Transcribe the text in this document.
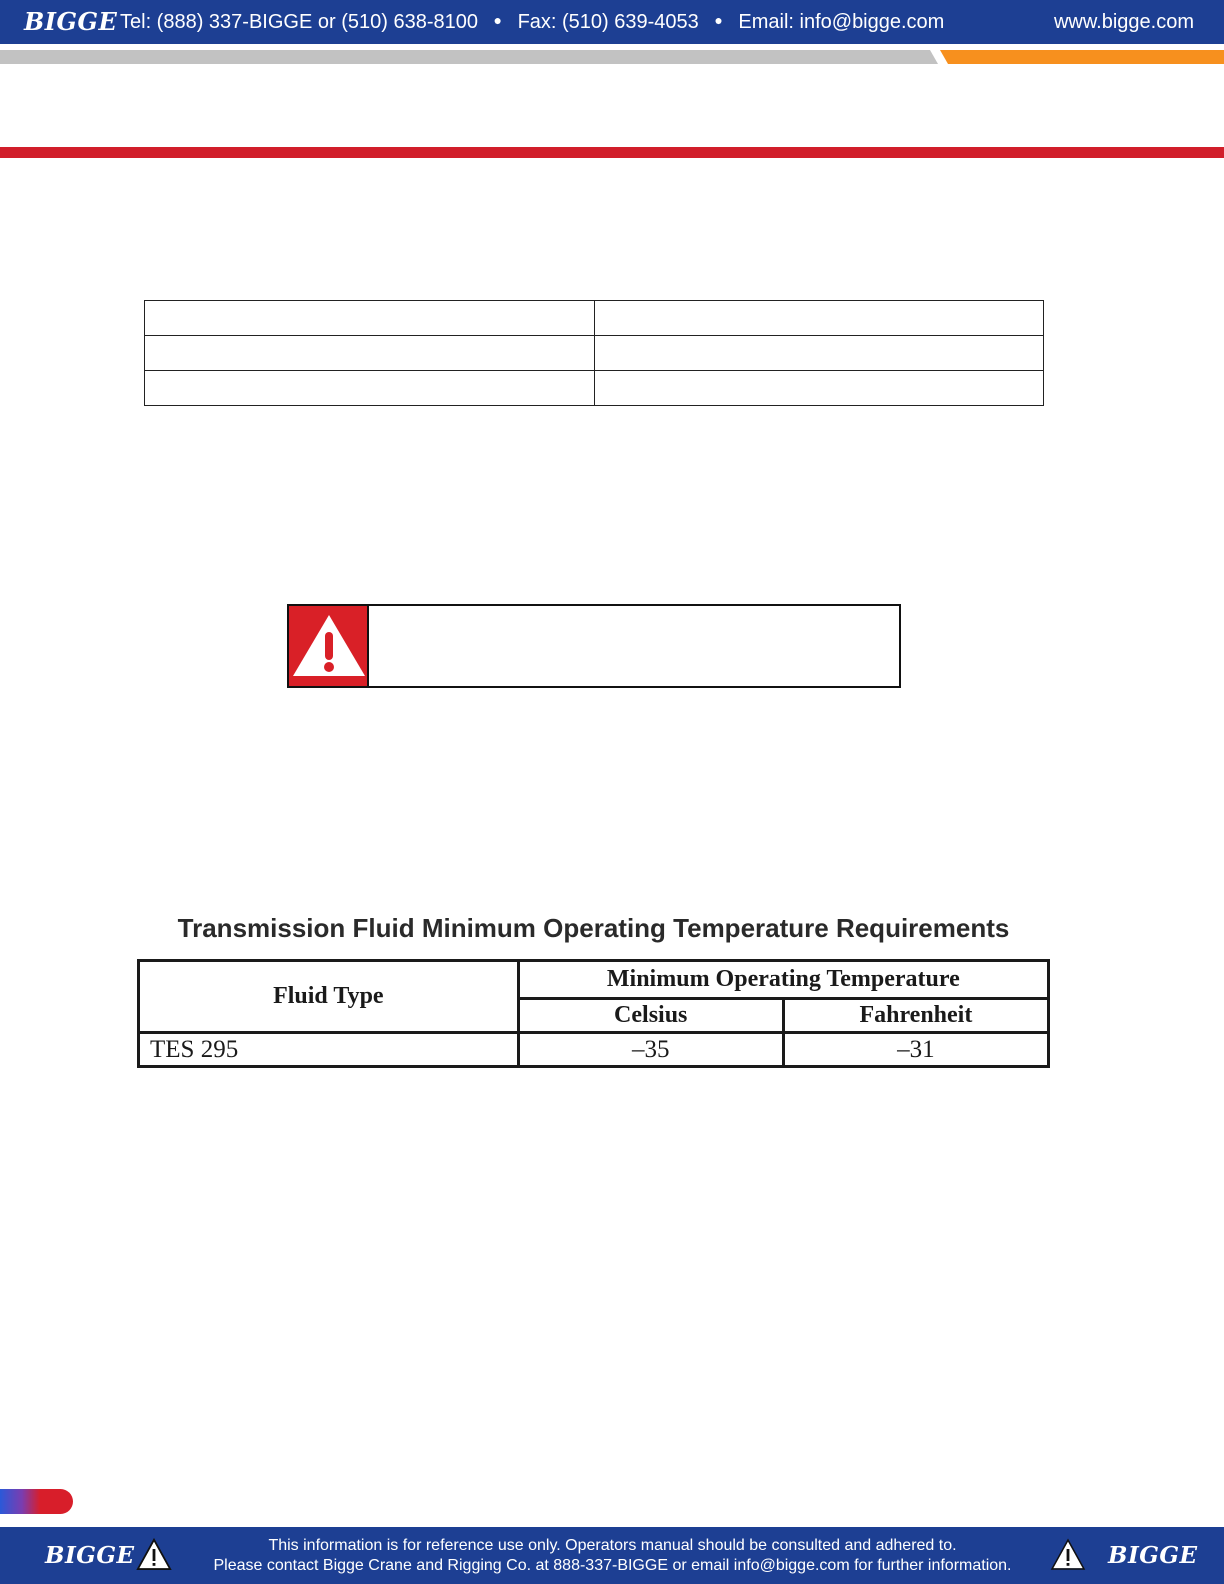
BIGGE Tel: (888) 337-BIGGE or (510) 638-8100 ● Fax: (510) 639-4053 ● Email: info@bigge.com	www.bigge.com

Transmission Fluid Minimum Operating Temperature Requirements
Fluid Type	Minimum Operating Temperature	
	Celsius	Fahrenheit
TES 295	–35	–31
BIGGE	This information is for reference use only. Operators manual should be consulted and adhered to.
Please contact Bigge Crane and Rigging Co. at 888-337-BIGGE or email info@bigge.com for further information.	BIGGE
